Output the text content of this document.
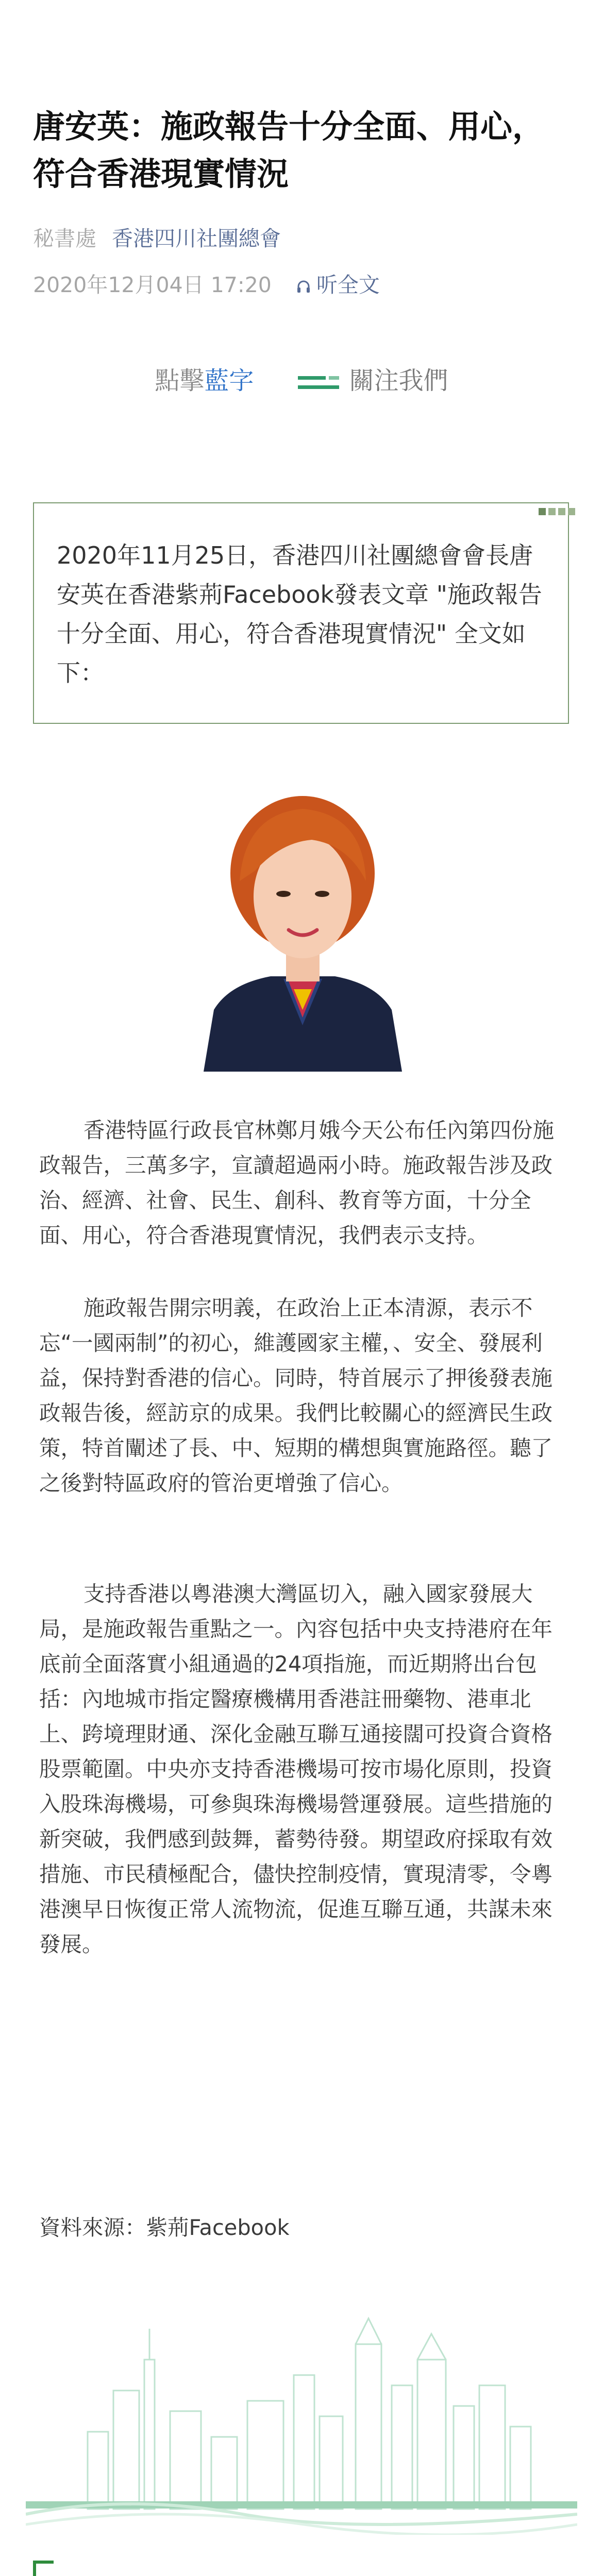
唐安英：施政報告十分全面、用心，符合香港現實情況
秘書處 香港四川社團總會
2020年12月04日 17:20 听全文
點擊藍字	關注我們
2020年11月25日，香港四川社團總會會長唐安英在香港紫荊Facebook發表文章 "施政報告十分全面、用心，符合香港現實情況" 全文如下：
香港特區行政長官林鄭月娥今天公布任內第四份施政報告，三萬多字，宣讀超過兩小時。施政報告涉及政治、經濟、社會、民生、創科、教育等方面，十分全面、用心，符合香港現實情況，我們表示支持。
施政報告開宗明義，在政治上正本清源，表示不忘“一國兩制”的初心，維護國家主權，、安全、發展利益，保持對香港的信心。同時，特首展示了押後發表施政報告後，經訪京的成果。我們比較關心的經濟民生政策，特首闡述了長、中、短期的構想與實施路徑。聽了之後對特區政府的管治更增強了信心。
支持香港以粵港澳大灣區切入，融入國家發展大局，是施政報告重點之一。內容包括中央支持港府在年底前全面落實小組通過的24項指施，而近期將出台包括：內地城市指定醫療機構用香港註冊藥物、港車北上、跨境理財通、深化金融互聯互通接闊可投資合資格股票範圍。中央亦支持香港機場可按市場化原則，投資入股珠海機場，可參與珠海機場營運發展。這些措施的新突破，我們感到鼓舞，蓄勢待發。期望政府採取有效措施、市民積極配合，儘快控制疫情，實現清零，令粵港澳早日恢復正常人流物流，促進互聯互通，共謀未來發展。
資料來源：紫荊Facebook
